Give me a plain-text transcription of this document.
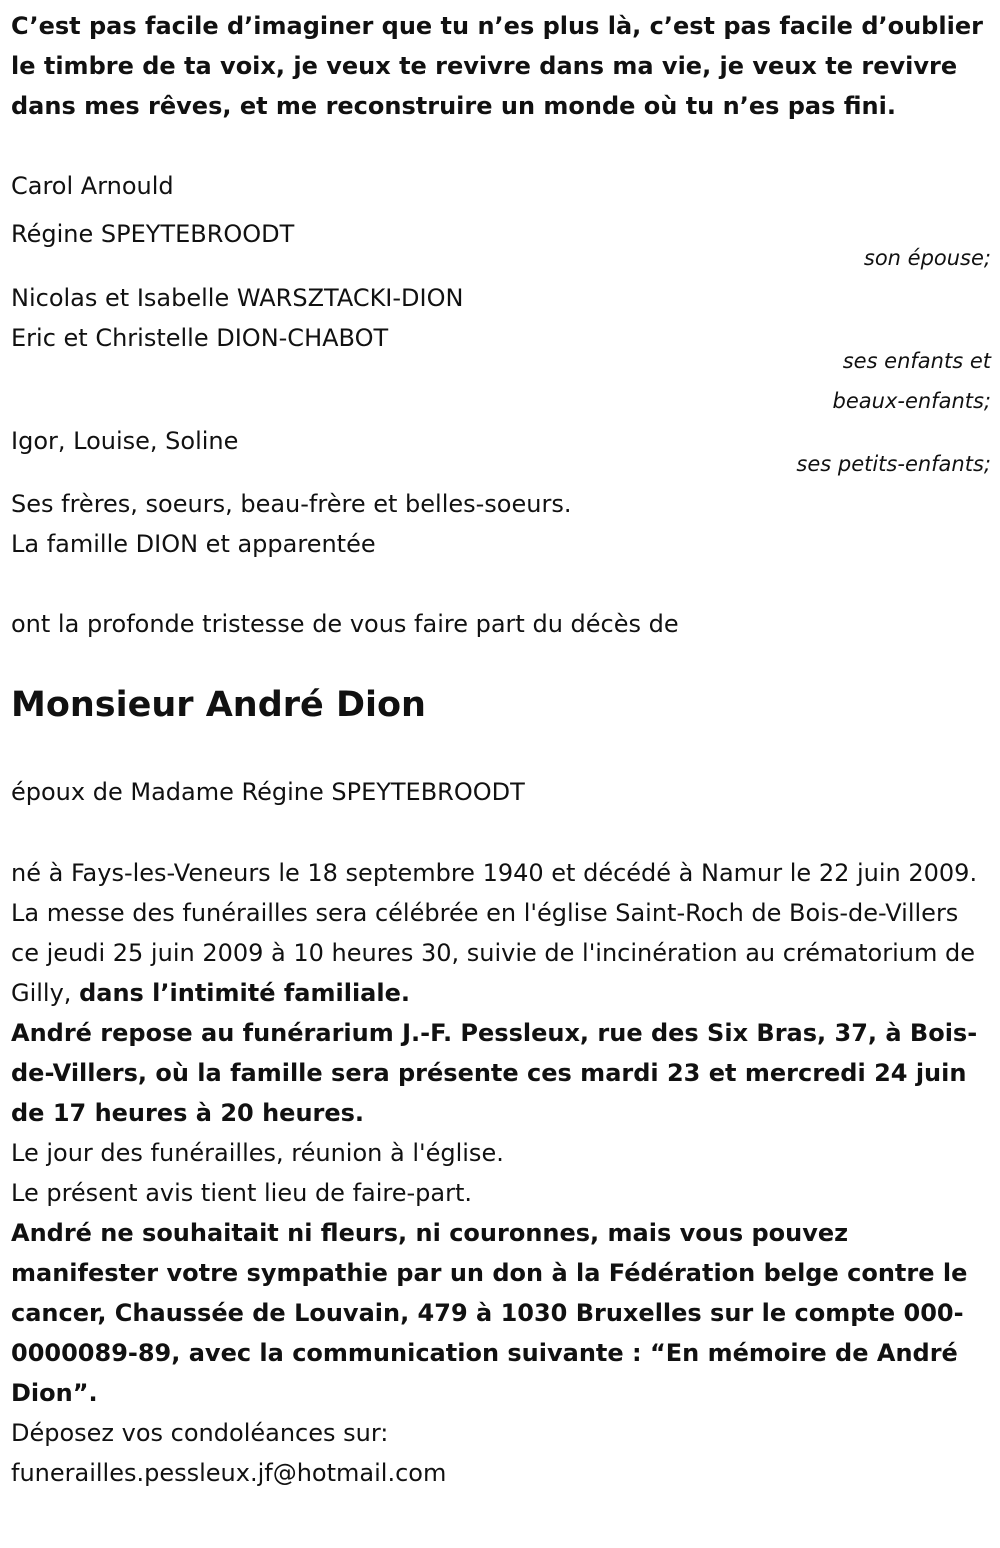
C’est pas facile d’imaginer que tu n’es plus là, c’est pas facile d’oublier le timbre de ta voix, je veux te revivre dans ma vie, je veux te revivre dans mes rêves, et me reconstruire un monde où tu n’es pas fini.

Carol Arnould
Régine SPEYTEBROODT
son épouse;
Nicolas et Isabelle WARSZTACKI-DION
Eric et Christelle DION-CHABOT
ses enfants et
beaux-enfants;
Igor, Louise, Soline
ses petits-enfants;
Ses frères, soeurs, beau-frère et belles-soeurs.
La famille DION et apparentée
ont la profonde tristesse de vous faire part du décès de
Monsieur André Dion
époux de Madame Régine SPEYTEBROODT

né à Fays-les-Veneurs le 18 septembre 1940 et décédé à Namur le 22 juin 2009.

La messe des funérailles sera célébrée en l'église Saint-Roch de Bois-de-Villers ce jeudi 25 juin 2009 à 10 heures 30, suivie de l'incinération au crématorium de Gilly, dans l’intimité familiale.

André repose au funérarium J.-F. Pessleux, rue des Six Bras, 37, à Bois-de-Villers, où la famille sera présente ces mardi 23 et mercredi 24 juin de 17 heures à 20 heures.

Le jour des funérailles, réunion à l'église.

Le présent avis tient lieu de faire-part.

André ne souhaitait ni fleurs, ni couronnes, mais vous pouvez manifester votre sympathie par un don à la Fédération belge contre le cancer, Chaussée de Louvain, 479 à 1030 Bruxelles sur le compte 000-0000089-89, avec la communication suivante : “En mémoire de André Dion”.

Déposez vos condoléances sur:

funerailles.pessleux.jf@hotmail.com
